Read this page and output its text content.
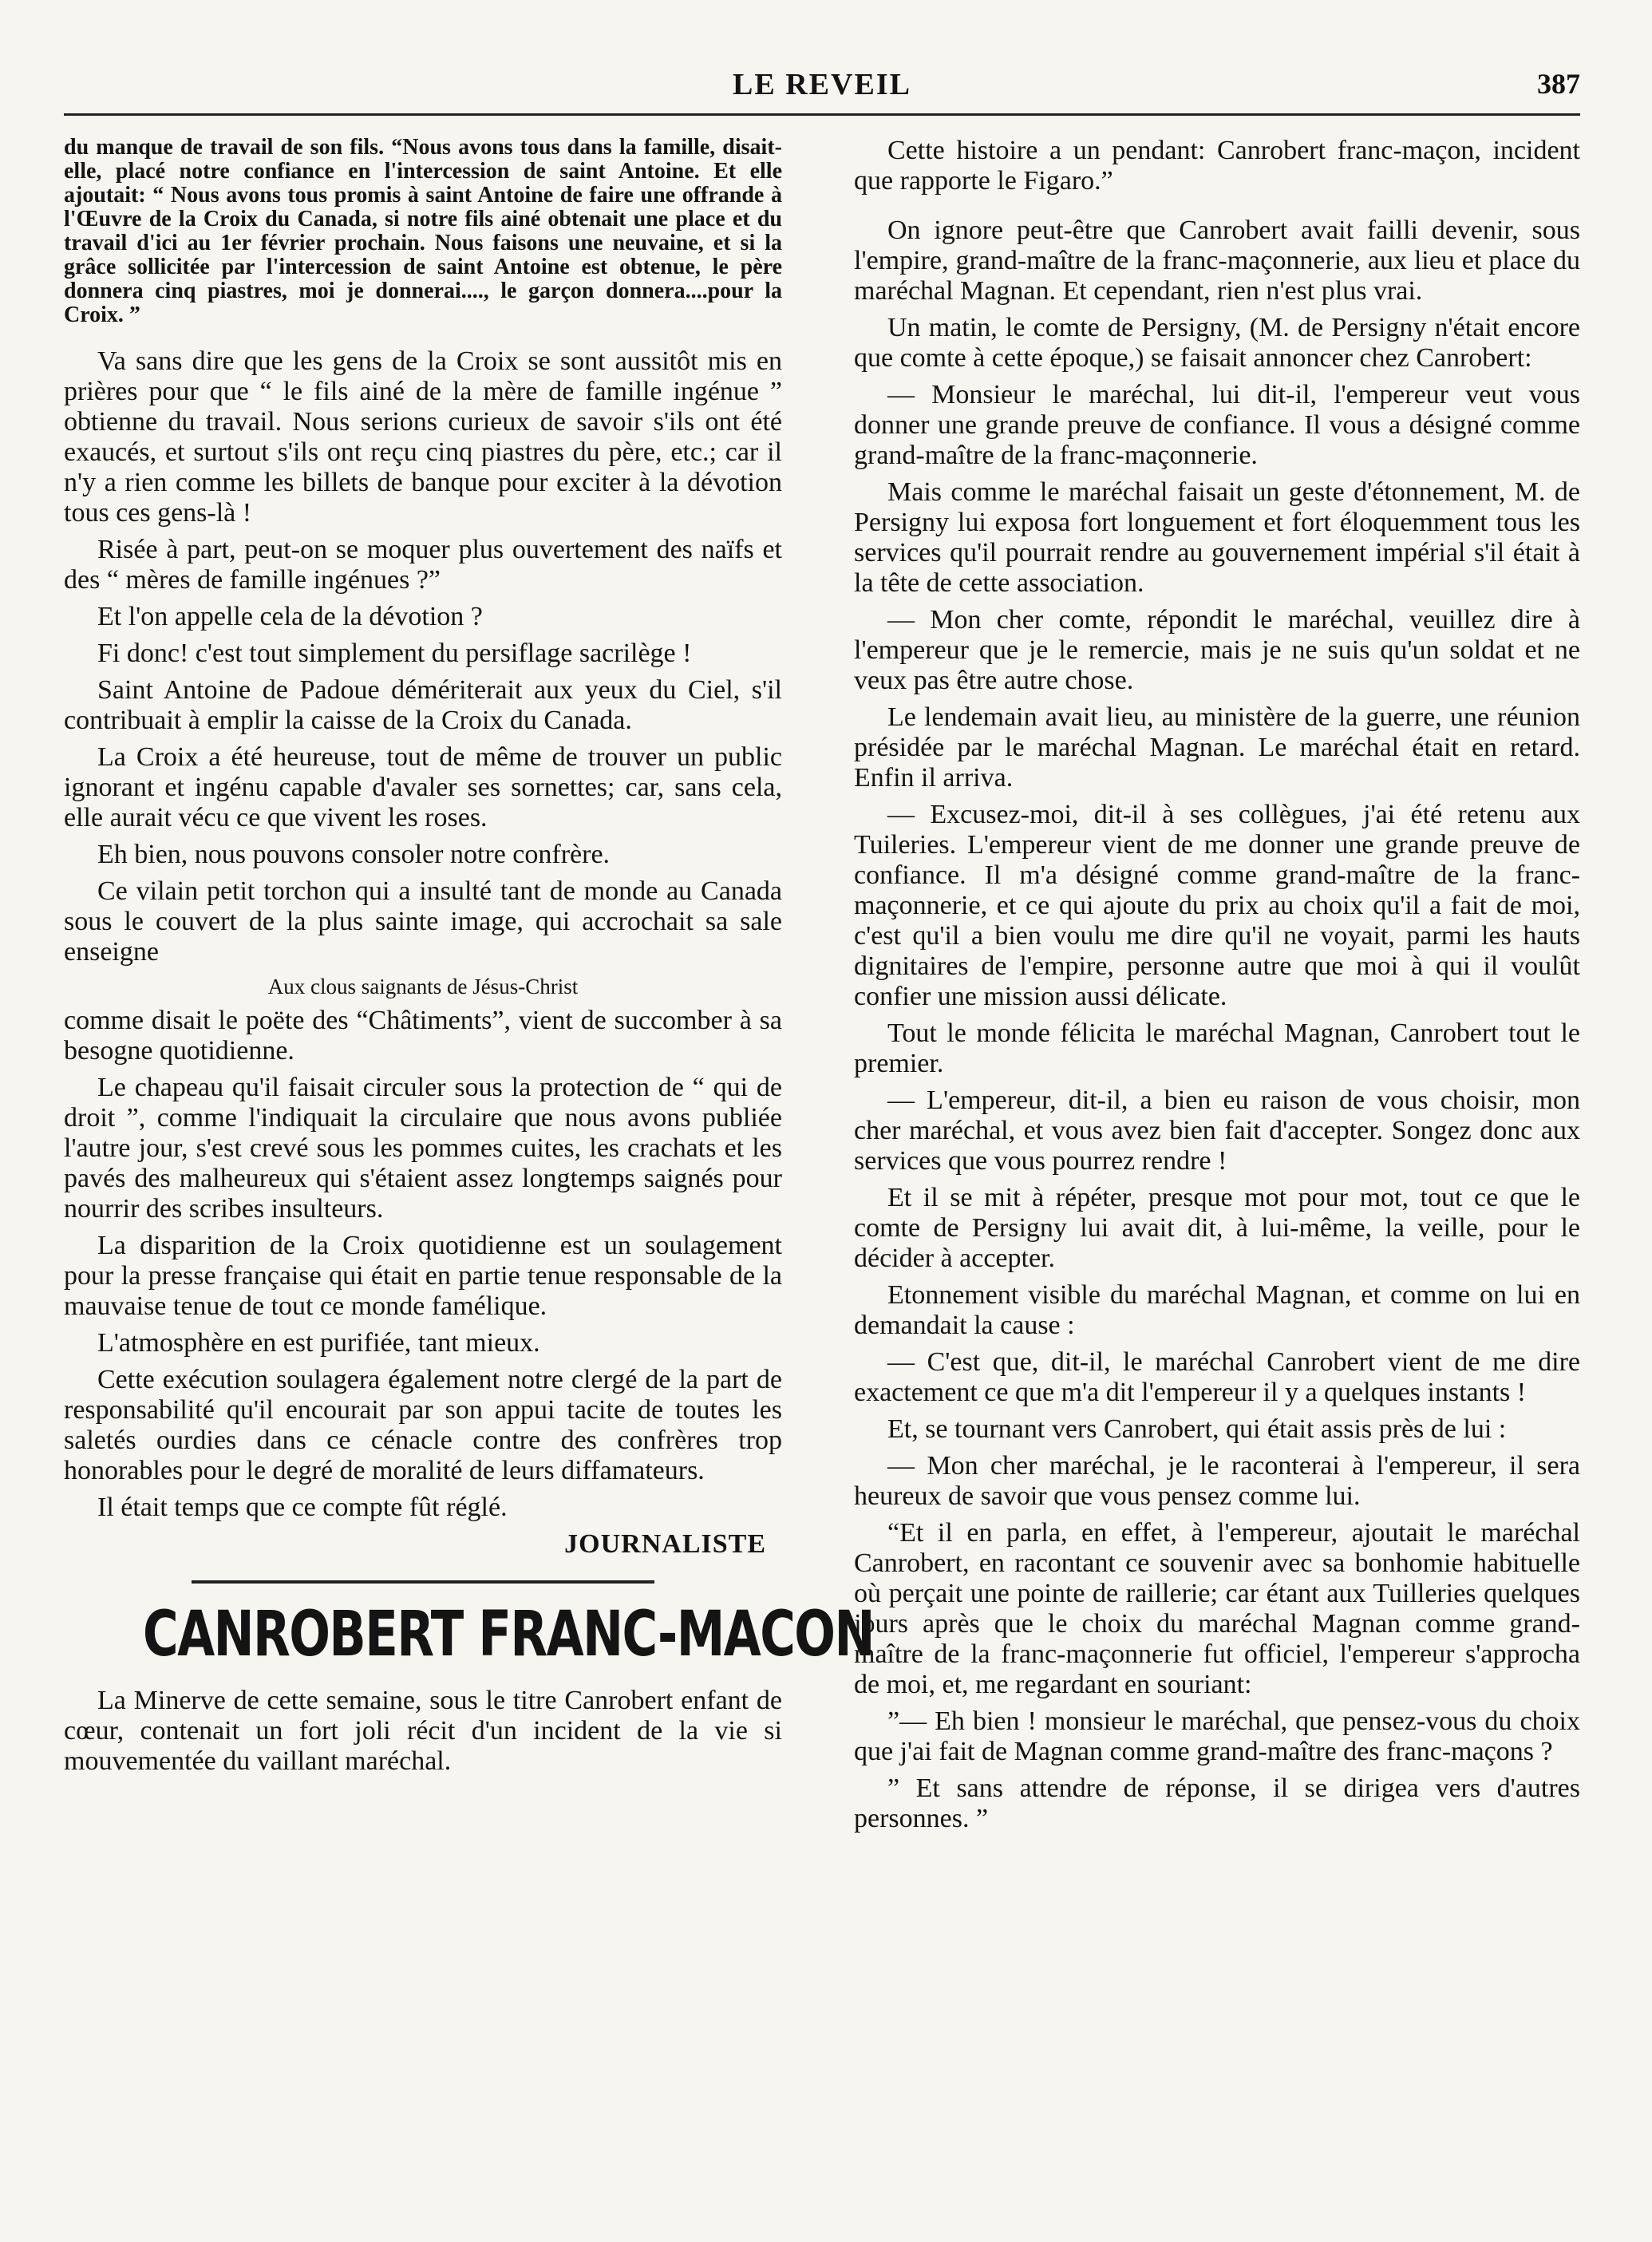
LE REVEIL	387

du manque de travail de son fils. “Nous avons tous dans la famille, disait-elle, placé notre confiance en l'intercession de saint Antoine. Et elle ajoutait: “ Nous avons tous promis à saint Antoine de faire une offrande à l'Œuvre de la Croix du Canada, si notre fils ainé obtenait une place et du travail d'ici au 1er février prochain. Nous faisons une neuvaine, et si la grâce sollicitée par l'intercession de saint Antoine est obtenue, le père donnera cinq piastres, moi je donnerai...., le garçon donnera....pour la Croix. ”

Va sans dire que les gens de la Croix se sont aussitôt mis en prières pour que “ le fils ainé de la mère de famille ingénue ” obtienne du travail. Nous serions curieux de savoir s'ils ont été exaucés, et surtout s'ils ont reçu cinq piastres du père, etc.; car il n'y a rien comme les billets de banque pour exciter à la dévotion tous ces gens-là !

Risée à part, peut-on se moquer plus ouvertement des naïfs et des “ mères de famille ingénues ?”

Et l'on appelle cela de la dévotion ?

Fi donc! c'est tout simplement du persiflage sacrilège !

Saint Antoine de Padoue démériterait aux yeux du Ciel, s'il contribuait à emplir la caisse de la Croix du Canada.

La Croix a été heureuse, tout de même de trouver un public ignorant et ingénu capable d'avaler ses sornettes; car, sans cela, elle aurait vécu ce que vivent les roses.

Eh bien, nous pouvons consoler notre confrère.

Ce vilain petit torchon qui a insulté tant de monde au Canada sous le couvert de la plus sainte image, qui accrochait sa sale enseigne

Aux clous saignants de Jésus-Christ

comme disait le poëte des “Châtiments”, vient de succomber à sa besogne quotidienne.

Le chapeau qu'il faisait circuler sous la protection de “ qui de droit ”, comme l'indiquait la circulaire que nous avons publiée l'autre jour, s'est crevé sous les pommes cuites, les crachats et les pavés des malheureux qui s'étaient assez longtemps saignés pour nourrir des scribes insulteurs.

La disparition de la Croix quotidienne est un soulagement pour la presse française qui était en partie tenue responsable de la mauvaise tenue de tout ce monde famélique.

L'atmosphère en est purifiée, tant mieux.

Cette exécution soulagera également notre clergé de la part de responsabilité qu'il encourait par son appui tacite de toutes les saletés ourdies dans ce cénacle contre des confrères trop honorables pour le degré de moralité de leurs diffamateurs.

Il était temps que ce compte fût réglé.

JOURNALISTE

CANROBERT FRANC-MACON

La Minerve de cette semaine, sous le titre Canrobert enfant de cœur, contenait un fort joli récit d'un incident de la vie si mouvementée du vaillant maréchal.

Cette histoire a un pendant: Canrobert franc-maçon, incident que rapporte le Figaro.”

On ignore peut-être que Canrobert avait failli devenir, sous l'empire, grand-maître de la franc-maçonnerie, aux lieu et place du maréchal Magnan. Et cependant, rien n'est plus vrai.

Un matin, le comte de Persigny, (M. de Persigny n'était encore que comte à cette époque,) se faisait annoncer chez Canrobert:

— Monsieur le maréchal, lui dit-il, l'empereur veut vous donner une grande preuve de confiance. Il vous a désigné comme grand-maître de la franc-maçonnerie.

Mais comme le maréchal faisait un geste d'étonnement, M. de Persigny lui exposa fort longuement et fort éloquemment tous les services qu'il pourrait rendre au gouvernement impérial s'il était à la tête de cette association.

— Mon cher comte, répondit le maréchal, veuillez dire à l'empereur que je le remercie, mais je ne suis qu'un soldat et ne veux pas être autre chose.

Le lendemain avait lieu, au ministère de la guerre, une réunion présidée par le maréchal Magnan. Le maréchal était en retard. Enfin il arriva.

— Excusez-moi, dit-il à ses collègues, j'ai été retenu aux Tuileries. L'empereur vient de me donner une grande preuve de confiance. Il m'a désigné comme grand-maître de la franc-maçonnerie, et ce qui ajoute du prix au choix qu'il a fait de moi, c'est qu'il a bien voulu me dire qu'il ne voyait, parmi les hauts dignitaires de l'empire, personne autre que moi à qui il voulût confier une mission aussi délicate.

Tout le monde félicita le maréchal Magnan, Canrobert tout le premier.

— L'empereur, dit-il, a bien eu raison de vous choisir, mon cher maréchal, et vous avez bien fait d'accepter. Songez donc aux services que vous pourrez rendre !

Et il se mit à répéter, presque mot pour mot, tout ce que le comte de Persigny lui avait dit, à lui-même, la veille, pour le décider à accepter.

Etonnement visible du maréchal Magnan, et comme on lui en demandait la cause :

— C'est que, dit-il, le maréchal Canrobert vient de me dire exactement ce que m'a dit l'empereur il y a quelques instants !

Et, se tournant vers Canrobert, qui était assis près de lui :

— Mon cher maréchal, je le raconterai à l'empereur, il sera heureux de savoir que vous pensez comme lui.

“Et il en parla, en effet, à l'empereur, ajoutait le maréchal Canrobert, en racontant ce souvenir avec sa bonhomie habituelle où perçait une pointe de raillerie; car étant aux Tuilleries quelques jours après que le choix du maréchal Magnan comme grand-maître de la franc-maçonnerie fut officiel, l'empereur s'approcha de moi, et, me regardant en souriant:

”— Eh bien ! monsieur le maréchal, que pensez-vous du choix que j'ai fait de Magnan comme grand-maître des franc-maçons ?

” Et sans attendre de réponse, il se dirigea vers d'autres personnes. ”
